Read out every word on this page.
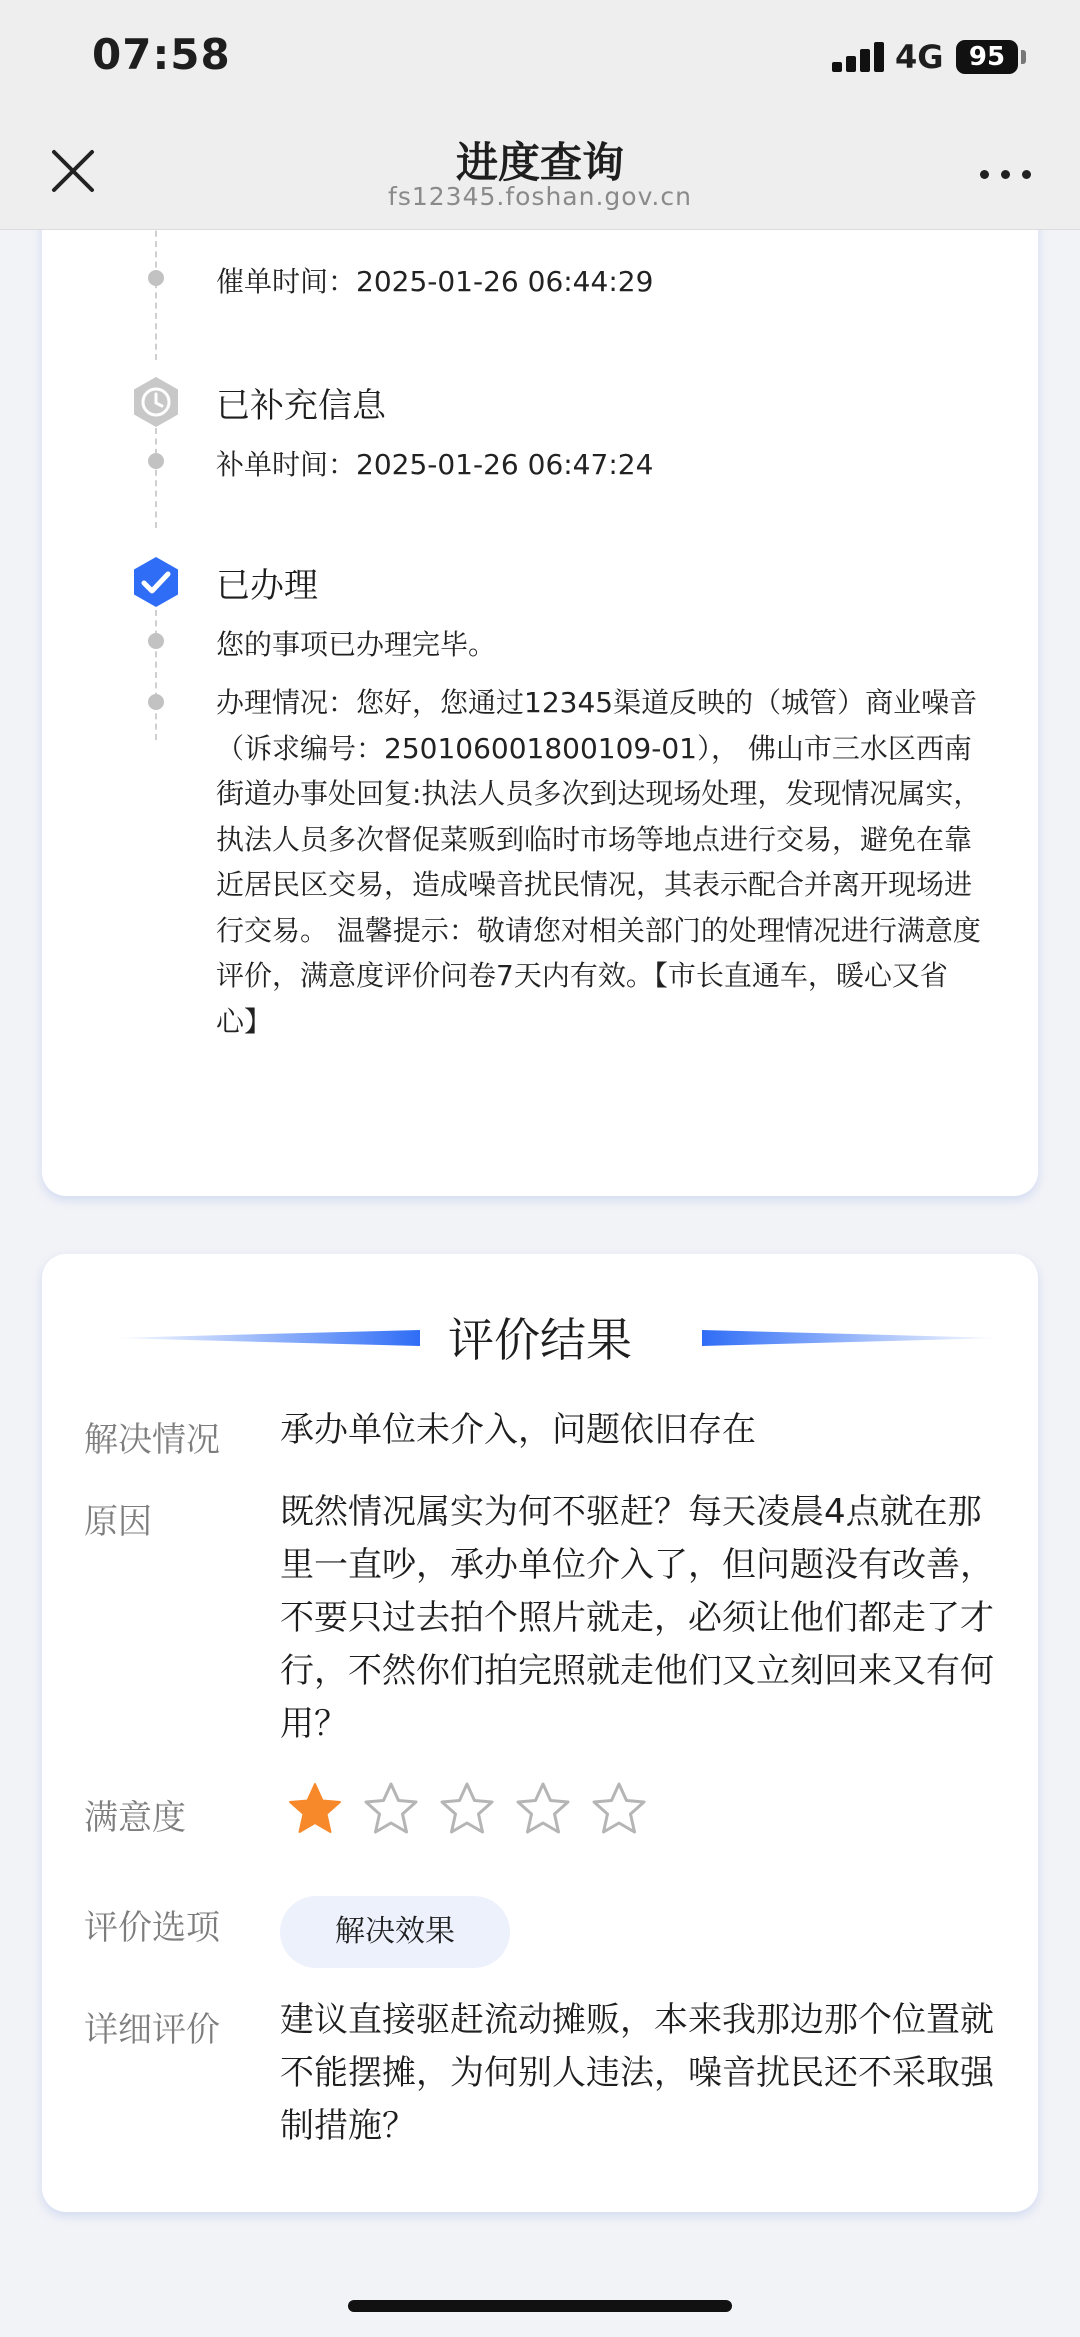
07:58	4G 95
进度查询
fs12345.foshan.gov.cn
催单时间：2025-01-26 06:44:29
已补充信息
补单时间：2025-01-26 06:47:24
已办理
您的事项已办理完毕。
办理情况：您好，您通过12345渠道反映的（城管）商业噪音（诉求编号：250106001800109-01）， 佛山市三水区西南街道办事处回复:执法人员多次到达现场处理，发现情况属实，执法人员多次督促菜贩到临时市场等地点进行交易，避免在靠近居民区交易，造成噪音扰民情况，其表示配合并离开现场进行交易。 温馨提示：敬请您对相关部门的处理情况进行满意度评价，满意度评价问卷7天内有效。【市长直通车，暖心又省心】
评价结果
解决情况 承办单位未介入，问题依旧存在
原因	既然情况属实为何不驱赶？每天凌晨4点就在那里一直吵，承办单位介入了，但问题没有改善，不要只过去拍个照片就走，必须让他们都走了才行，不然你们拍完照就走他们又立刻回来又有何用？
满意度
评价选项	解决效果
详细评价 建议直接驱赶流动摊贩，本来我那边那个位置就不能摆摊，为何别人违法，噪音扰民还不采取强制措施？
